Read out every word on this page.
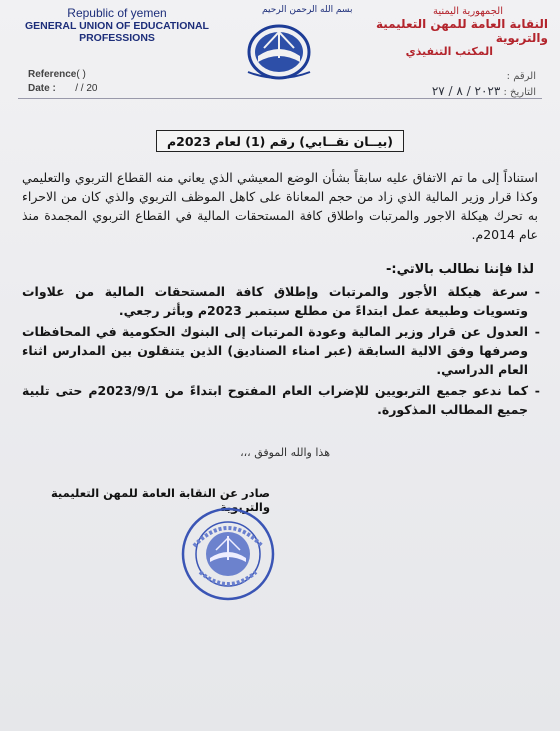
Republic of yemen
GENERAL UNION OF EDUCATIONAL
PROFESSIONS
بسم الله الرحمن الرحيم	الجمهورية اليمنية
النقابة العامة للمهن التعليمية والتربوية
المكتب التنفيذي
Reference( )
Date : / / 20
الرقم :
التاريخ : ٢٠٢٣ / ٨ / ٢٧
(بيــان نقــابي) رقم (1) لعام 2023م
استناداً إلى ما تم الاتفاق عليه سابقاً بشأن الوضع المعيشي الذي يعاني منه القطاع التربوي والتعليمي وكذا قرار وزير المالية الذي زاد من حجم المعاناة على كاهل الموظف التربوي والذي كان من الاحراء به تحرك هيكلة الاجور والمرتبات واطلاق كافة المستحقات المالية في القطاع التربوي المجمدة منذ عام 2014م.
لذا فإننا نطالب بالاتي:-
- سرعة هيكلة الأجور والمرتبات وإطلاق كافة المستحقات المالية من علاوات وتسويات وطبيعة عمل ابتداءً من مطلع سبتمبر 2023م وبأثر رجعي.
- العدول عن قرار وزير المالية وعودة المرتبات إلى البنوك الحكومية في المحافظات وصرفها وفق الالية السابقة (عبر امناء الصناديق) الذين يتنقلون بين المدارس اثناء العام الدراسي.
- كما ندعو جميع التربويين للإضراب العام المفتوح ابتداءً من 2023/9/1م حتى تلبية جميع المطالب المذكورة.
هذا والله الموفق ،،،
صادر عن النقابة العامة للمهن التعليمية والتربوية
